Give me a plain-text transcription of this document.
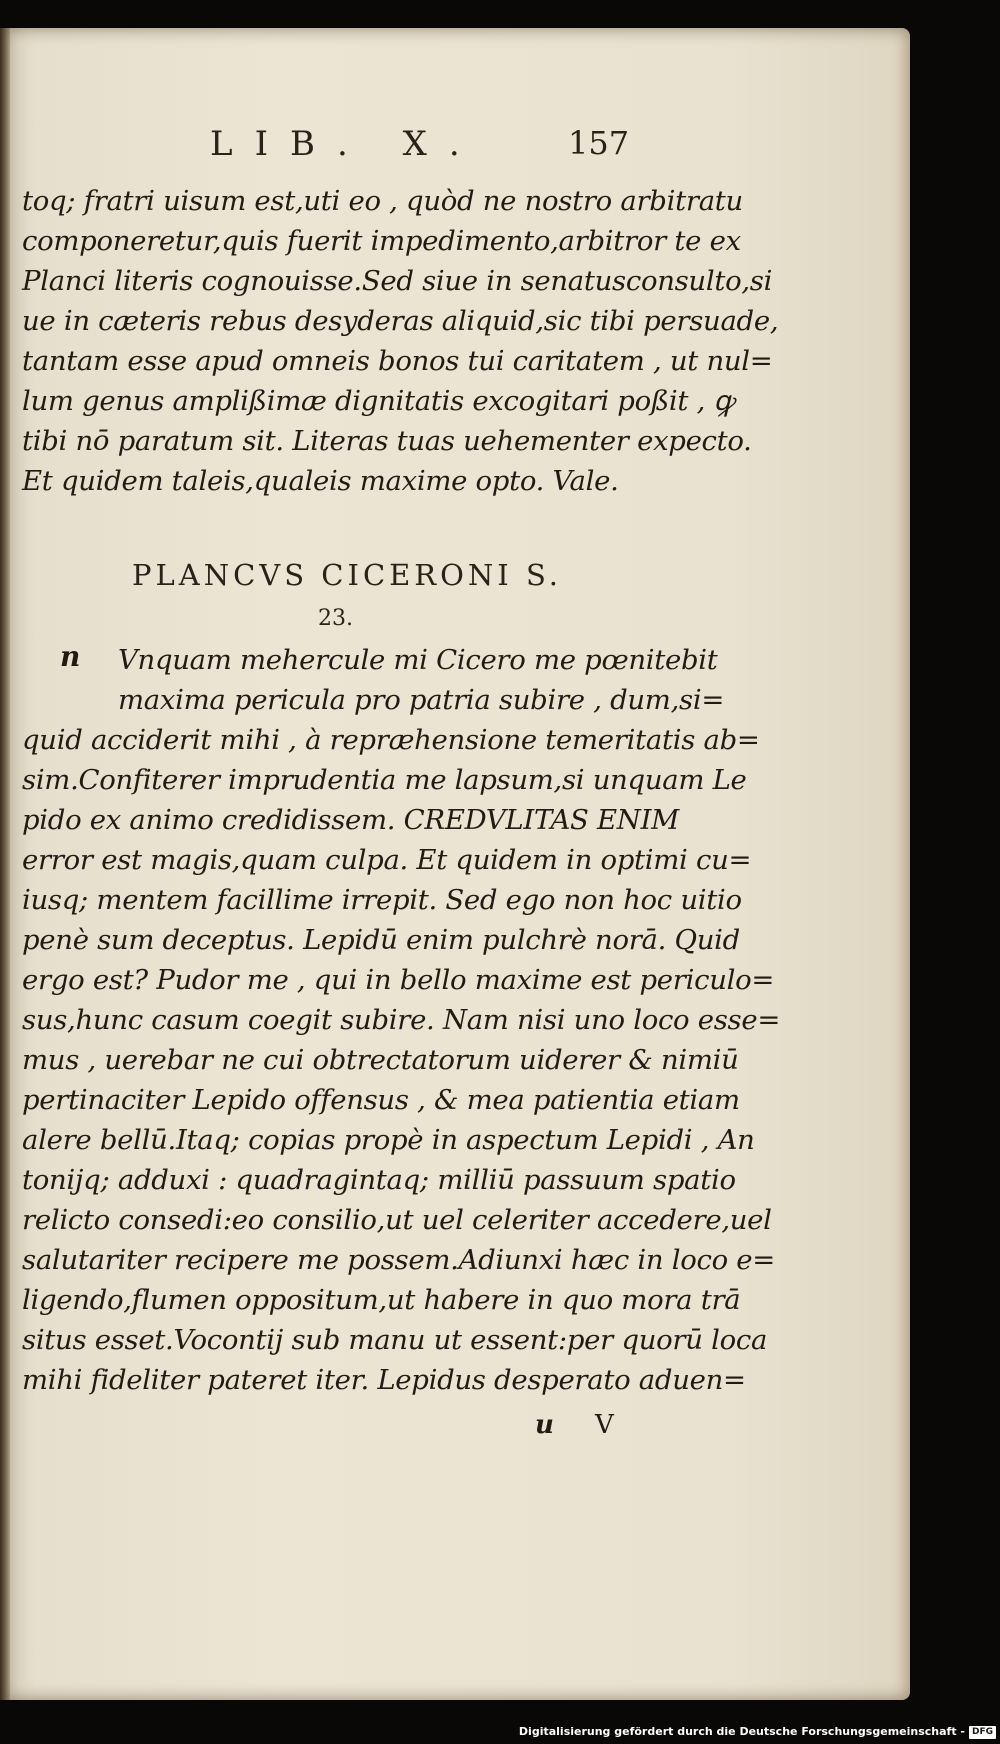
LIB. X.	157
toq; fratri uisum est,uti eo , quòd ne nostro arbitratu
componeretur,quis fuerit impedimento,arbitror te ex
Planci literis cognouisse.Sed siue in senatusconsulto,si
ue in cæteris rebus desyderas aliquid,sic tibi persuade,
tantam esse apud omneis bonos tui caritatem , ut nul=
lum genus amplißimæ dignitatis excogitari poßit , ꝙ
tibi nō paratum sit. Literas tuas uehementer expecto.
Et quidem taleis,qualeis maxime opto. Vale.
PLANCVS CICERONI S.
23.
n Vnquam mehercule mi Cicero me pœnitebit
maxima pericula pro patria subire , dum,si=
quid acciderit mihi , à repræhensione temeritatis ab=
sim.Confiterer imprudentia me lapsum,si unquam Le
pido ex animo credidissem. CREDVLITAS ENIM
error est magis,quam culpa. Et quidem in optimi cu=
iusq; mentem facillime irrepit. Sed ego non hoc uitio
penè sum deceptus. Lepidū enim pulchrè norā. Quid
ergo est? Pudor me , qui in bello maxime est periculo=
sus,hunc casum coegit subire. Nam nisi uno loco esse=
mus , uerebar ne cui obtrectatorum uiderer & nimiū
pertinaciter Lepido offensus , & mea patientia etiam
alere bellū.Itaq; copias propè in aspectum Lepidi , An
tonijq; adduxi : quadragintaq; milliū passuum spatio
relicto consedi:eo consilio,ut uel celeriter accedere,uel
salutariter recipere me possem.Adiunxi hæc in loco e=
ligendo,flumen oppositum,ut habere in quo mora trā
situs esset.Vocontij sub manu ut essent:per quorū loca
mihi fideliter pateret iter. Lepidus desperato aduen=
u V
Digitalisierung gefördert durch die Deutsche Forschungsgemeinschaft - DFG
